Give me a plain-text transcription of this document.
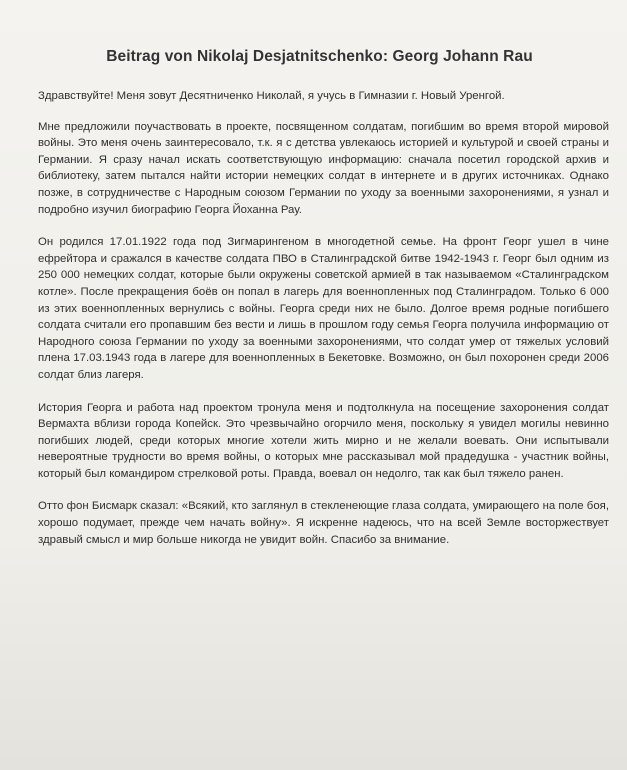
Beitrag von Nikolaj Desjatnitschenko: Georg Johann Rau

Здравствуйте! Меня зовут Десятниченко Николай, я учусь в Гимназии г. Новый Уренгой.

Мне предложили поучаствовать в проекте, посвященном солдатам, погибшим во время второй мировой войны. Это меня очень заинтересовало, т.к. я с детства увлекаюсь историей и культурой и своей страны и Германии. Я сразу начал искать соответствующую информацию: сначала посетил городской архив и библиотеку, затем пытался найти истории немецких солдат в интернете и в других источниках. Однако позже, в сотрудничестве с Народным союзом Германии по уходу за военными захоронениями, я узнал и подробно изучил биографию Георга Йоханна Рау.

Он родился 17.01.1922 года под Зигмарингеном в многодетной семье. На фронт Георг ушел в чине ефрейтора и сражался в качестве солдата ПВО в Сталинградской битве 1942-1943 г. Георг был одним из 250 000 немецких солдат, которые были окружены советской армией в так называемом «Сталинградском котле». После прекращения боёв он попал в лагерь для военнопленных под Сталинградом. Только 6 000 из этих военнопленных вернулись с войны. Георга среди них не было. Долгое время родные погибшего солдата считали его пропавшим без вести и лишь в прошлом году семья Георга получила информацию от Народного союза Германии по уходу за военными захоронениями, что солдат умер от тяжелых условий плена 17.03.1943 года в лагере для военнопленных в Бекетовке. Возможно, он был похоронен среди 2006 солдат близ лагеря.

История Георга и работа над проектом тронула меня и подтолкнула на посещение захоронения солдат Вермахта вблизи города Копейск. Это чрезвычайно огорчило меня, поскольку я увидел могилы невинно погибших людей, среди которых многие хотели жить мирно и не желали воевать. Они испытывали невероятные трудности во время войны, о которых мне рассказывал мой прадедушка - участник войны, который был командиром стрелковой роты. Правда, воевал он недолго, так как был тяжело ранен.

Отто фон Бисмарк сказал: «Всякий, кто заглянул в стекленеющие глаза солдата, умирающего на поле боя, хорошо подумает, прежде чем начать войну». Я искренне надеюсь, что на всей Земле восторжествует здравый смысл и мир больше никогда не увидит войн. Спасибо за внимание.
